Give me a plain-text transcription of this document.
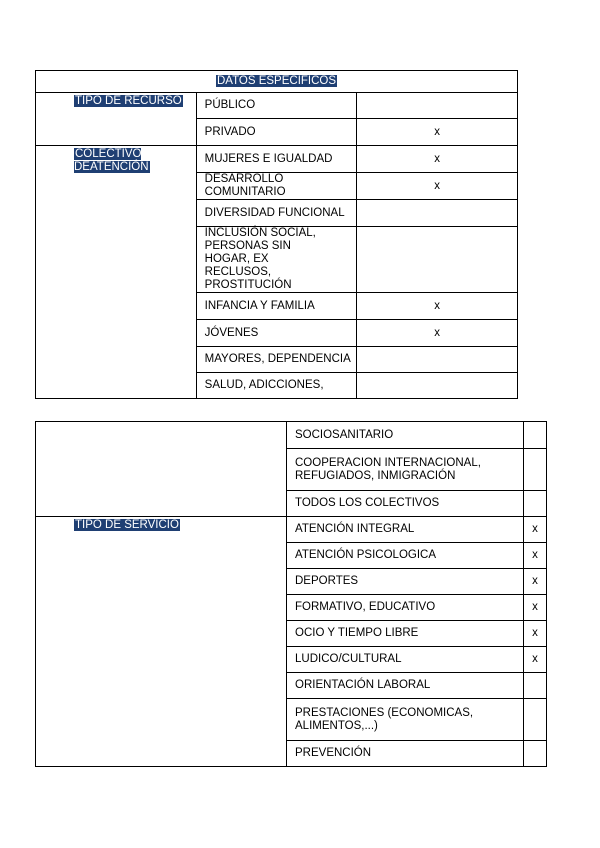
DATOS ESPECÍFICOS		
TIPO DE RECURSO	PÚBLICO	
	PRIVADO	x
COLECTIVO DEATENCIÓN	MUJERES E IGUALDAD	x
	DESARROLLO COMUNITARIO	x
	DIVERSIDAD FUNCIONAL	
	INCLUSIÓN SOCIAL, PERSONAS SIN HOGAR, EX RECLUSOS, PROSTITUCIÓN	
	INFANCIA Y FAMILIA	x
	JÓVENES	x
	MAYORES, DEPENDENCIA	
	SALUD, ADICCIONES,	
	SOCIOSANITARIO	
	COOPERACION INTERNACIONAL, REFUGIADOS, INMIGRACIÓN	
	TODOS LOS COLECTIVOS	
TIPO DE SERVICIO	ATENCIÓN INTEGRAL	x
	ATENCIÓN PSICOLOGICA	x
	DEPORTES	x
	FORMATIVO, EDUCATIVO	x
	OCIO Y TIEMPO LIBRE	x
	LUDICO/CULTURAL	x
	ORIENTACIÓN LABORAL	
	PRESTACIONES (ECONOMICAS, ALIMENTOS,...)	
	PREVENCIÓN	
